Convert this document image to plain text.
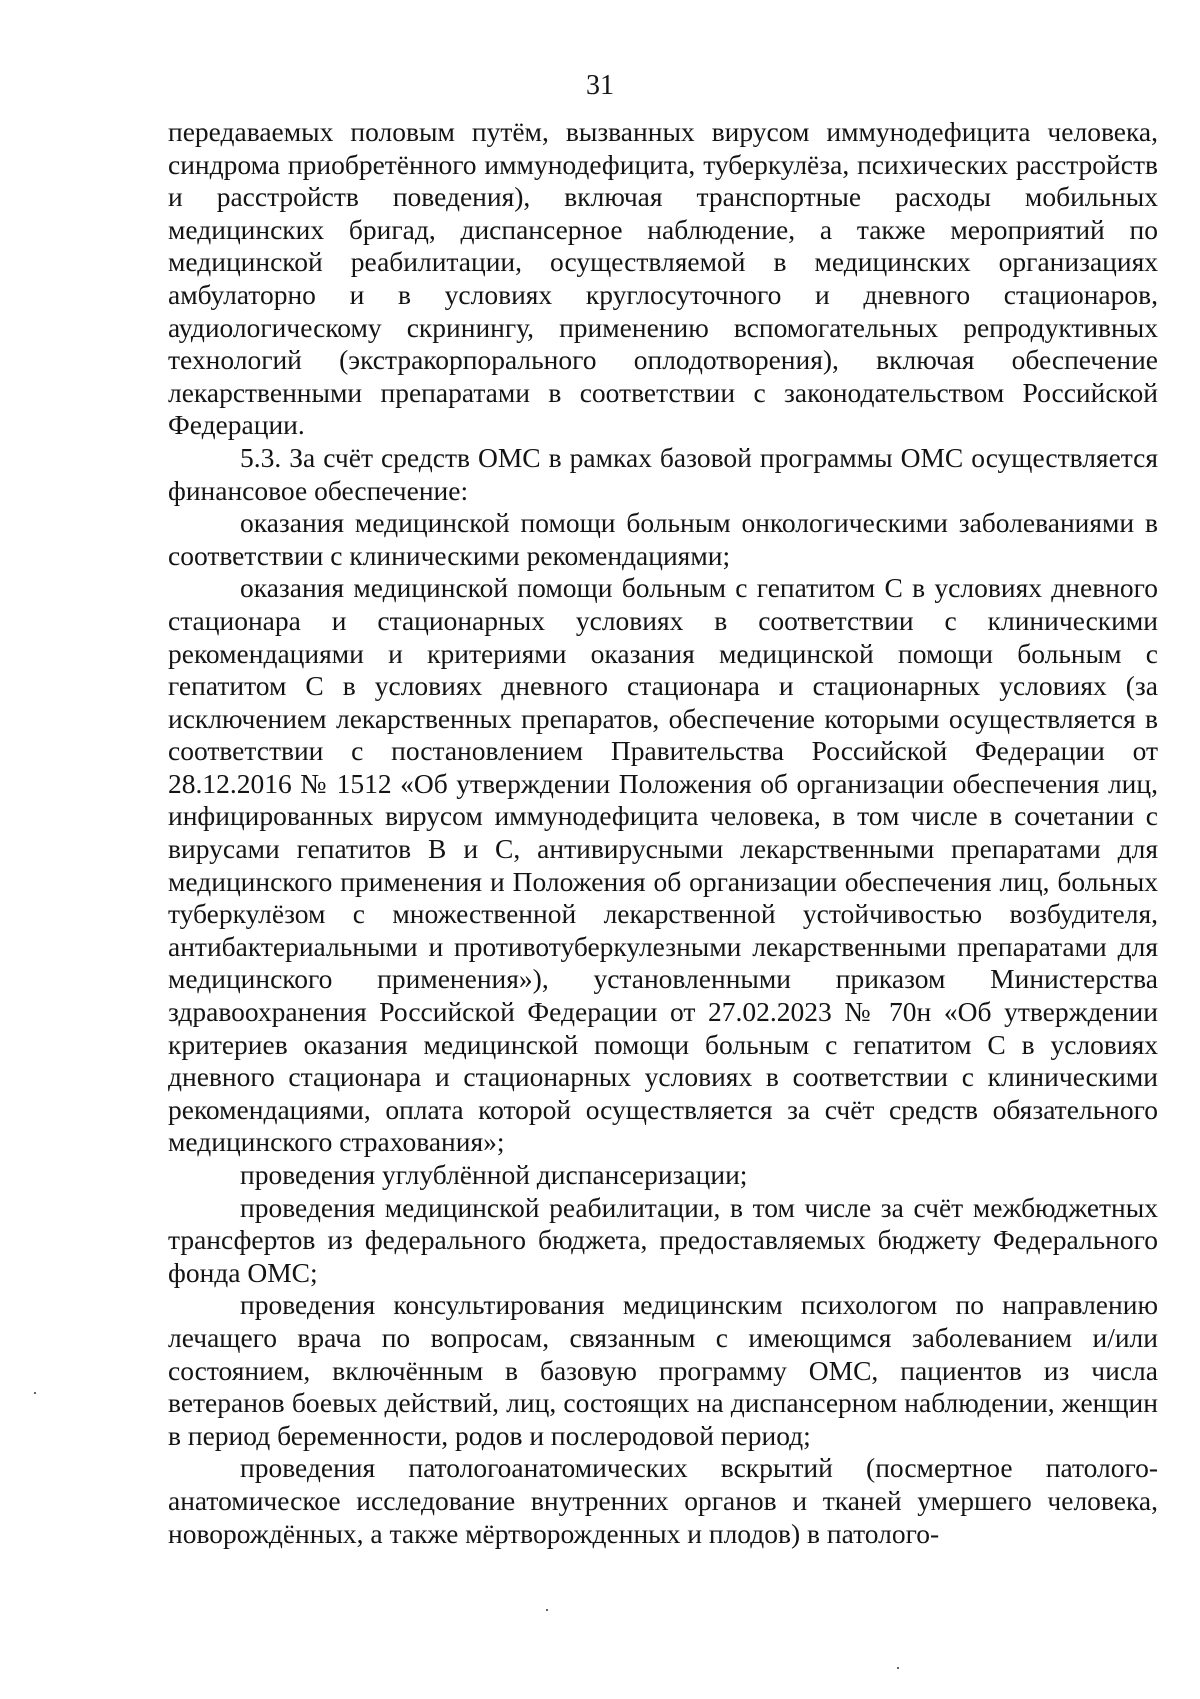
31

передаваемых половым путём, вызванных вирусом иммунодефицита человека, синдрома приобретённого иммунодефицита, туберкулёза, психических расстройств и расстройств поведения), включая транспортные расходы мобильных медицинских бригад, диспансерное наблюдение, а также мероприятий по медицинской реабилитации, осуществляемой в медицинских организациях амбулаторно и в условиях круглосуточного и дневного стационаров, аудиологическому скринингу, применению вспомогательных репродуктивных технологий (экстракорпорального оплодотворения), включая обеспечение лекарственными препаратами в соответствии с законодательством Российской Федерации.

5.3. За счёт средств ОМС в рамках базовой программы ОМС осуществляется финансовое обеспечение:

оказания медицинской помощи больным онкологическими заболеваниями в соответствии с клиническими рекомендациями;

оказания медицинской помощи больным с гепатитом С в условиях дневного стационара и стационарных условиях в соответствии с клиническими рекомендациями и критериями оказания медицинской помощи больным с гепатитом С в условиях дневного стационара и стационарных условиях (за исключением лекарственных препаратов, обеспечение которыми осуществляется в соответствии с постановлением Правительства Российской Федерации от 28.12.2016 № 1512 «Об утверждении Положения об организации обеспечения лиц, инфицированных вирусом иммунодефицита человека, в том числе в сочетании с вирусами гепатитов В и С, антивирусными лекарственными препаратами для медицинского применения и Положения об организации обеспечения лиц, больных туберкулёзом с множественной лекарственной устойчивостью возбудителя, антибактериальными и противотуберкулезными лекарственными препаратами для медицинского применения»), установленными приказом Министерства здравоохранения Российской Федерации от 27.02.2023 № 70н «Об утверждении критериев оказания медицинской помощи больным с гепатитом С в условиях дневного стационара и стационарных условиях в соответствии с клиническими рекомендациями, оплата которой осуществляется за счёт средств обязательного медицинского страхования»;

проведения углублённой диспансеризации;

проведения медицинской реабилитации, в том числе за счёт межбюджетных трансфертов из федерального бюджета, предоставляемых бюджету Федерального фонда ОМС;

проведения консультирования медицинским психологом по направлению лечащего врача по вопросам, связанным с имеющимся заболеванием и/или состоянием, включённым в базовую программу ОМС, пациентов из числа ветеранов боевых действий, лиц, состоящих на диспансерном наблюдении, женщин в период беременности, родов и послеродовой период;

проведения патологоанатомических вскрытий (посмертное патолого-анатомическое исследование внутренних органов и тканей умершего человека, новорождённых, а также мёртворожденных и плодов) в патолого-
